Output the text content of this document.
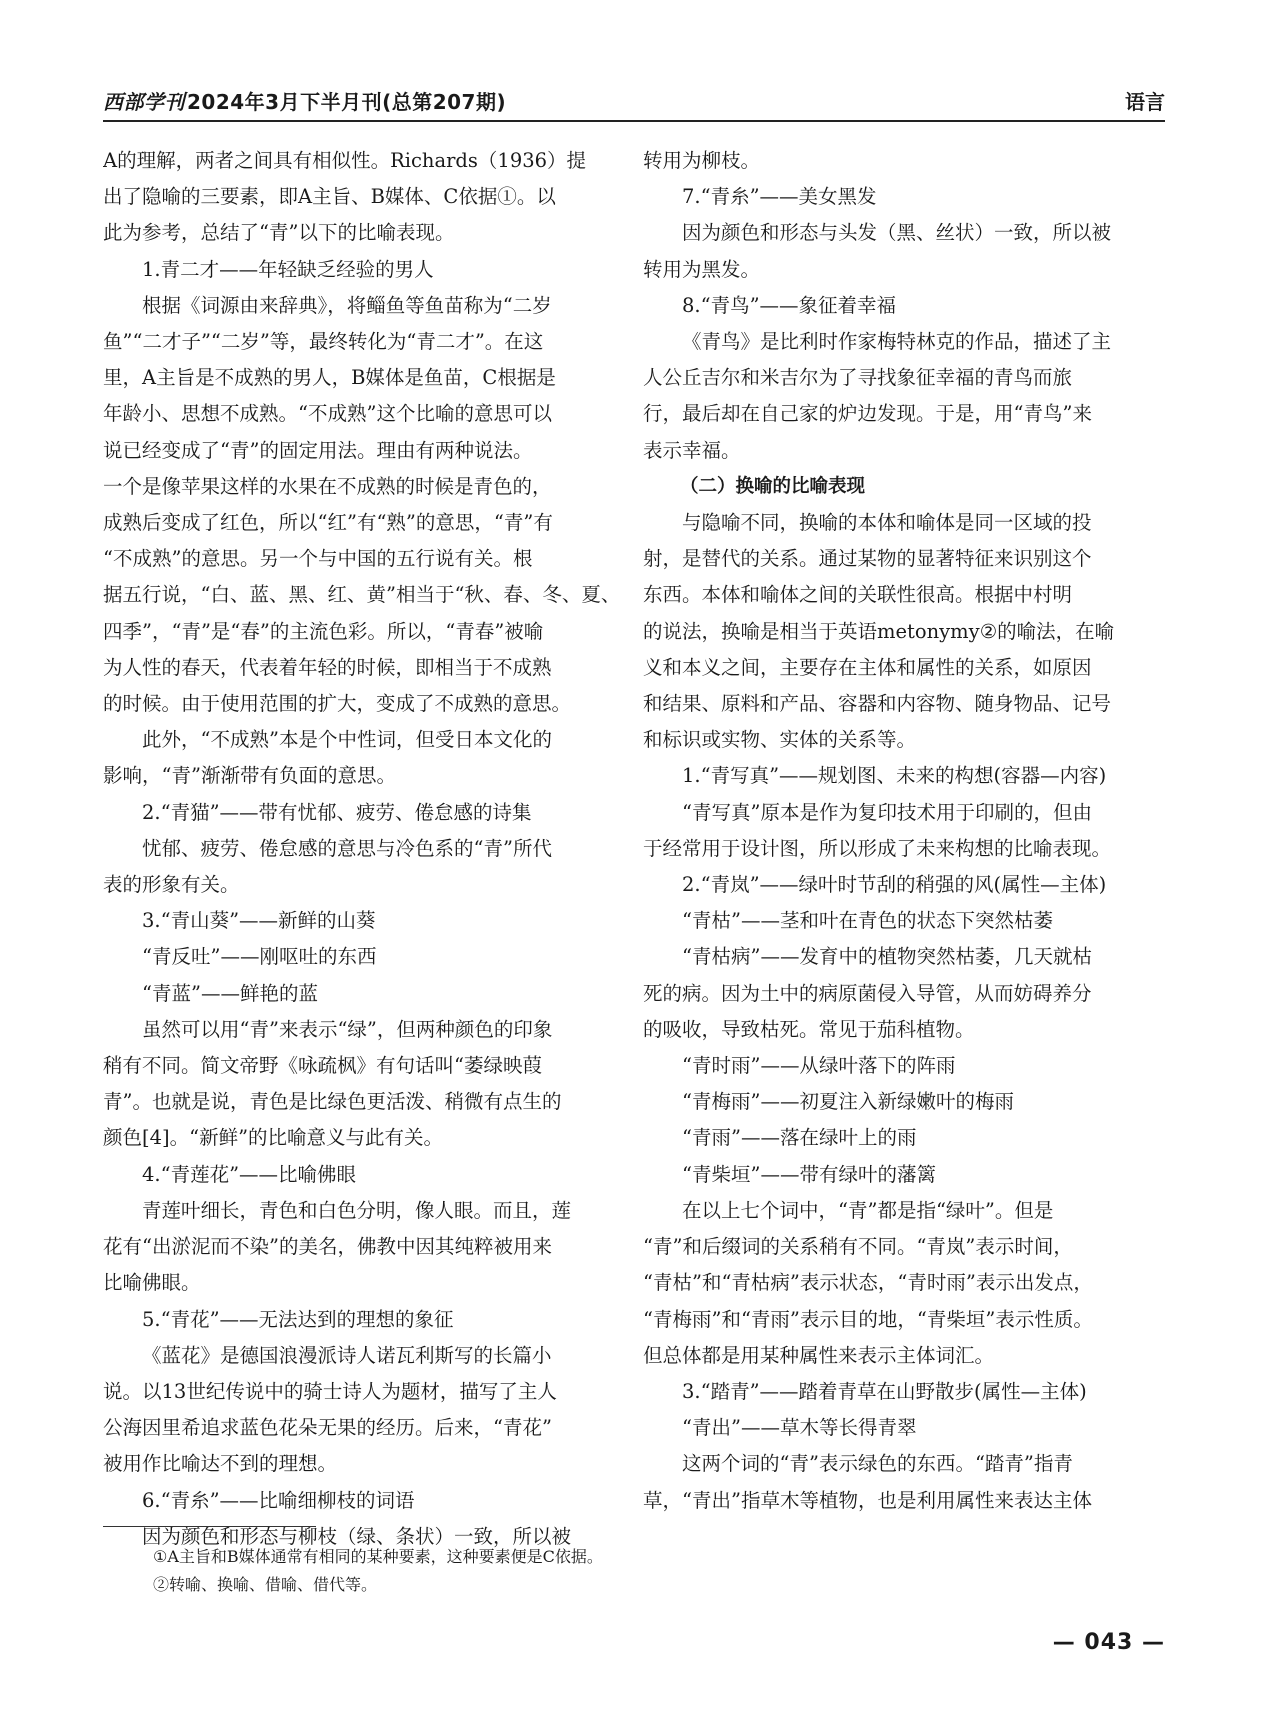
西部学刊 2024年3月下半月刊(总第207期)	语言

A的理解，两者之间具有相似性。Richards（1936）提

出了隐喻的三要素，即A主旨、B媒体、C依据①。以

此为参考，总结了“青”以下的比喻表现。

1.青二才——年轻缺乏经验的男人

根据《词源由来辞典》，将鲻鱼等鱼苗称为“二岁

鱼”“二才子”“二岁”等，最终转化为“青二才”。在这

里，A主旨是不成熟的男人，B媒体是鱼苗，C根据是

年龄小、思想不成熟。“不成熟”这个比喻的意思可以

说已经变成了“青”的固定用法。理由有两种说法。

一个是像苹果这样的水果在不成熟的时候是青色的，

成熟后变成了红色，所以“红”有“熟”的意思，“青”有

“不成熟”的意思。另一个与中国的五行说有关。根

据五行说，“白、蓝、黑、红、黄”相当于“秋、春、冬、夏、

四季”，“青”是“春”的主流色彩。所以，“青春”被喻

为人性的春天，代表着年轻的时候，即相当于不成熟

的时候。由于使用范围的扩大，变成了不成熟的意思。

此外，“不成熟”本是个中性词，但受日本文化的

影响，“青”渐渐带有负面的意思。

2.“青猫”——带有忧郁、疲劳、倦怠感的诗集

忧郁、疲劳、倦怠感的意思与冷色系的“青”所代

表的形象有关。

3.“青山葵”——新鲜的山葵

“青反吐”——刚呕吐的东西

“青蓝”——鲜艳的蓝

虽然可以用“青”来表示“绿”，但两种颜色的印象

稍有不同。简文帝野《咏疏枫》有句话叫“萎绿映葭

青”。也就是说，青色是比绿色更活泼、稍微有点生的

颜色[4]。“新鲜”的比喻意义与此有关。

4.“青莲花”——比喻佛眼

青莲叶细长，青色和白色分明，像人眼。而且，莲

花有“出淤泥而不染”的美名，佛教中因其纯粹被用来

比喻佛眼。

5.“青花”——无法达到的理想的象征

《蓝花》是德国浪漫派诗人诺瓦利斯写的长篇小

说。以13世纪传说中的骑士诗人为题材，描写了主人

公海因里希追求蓝色花朵无果的经历。后来，“青花”

被用作比喻达不到的理想。

6.“青糸”——比喻细柳枝的词语

因为颜色和形态与柳枝（绿、条状）一致，所以被

转用为柳枝。

7.“青糸”——美女黑发

因为颜色和形态与头发（黑、丝状）一致，所以被

转用为黑发。

8.“青鸟”——象征着幸福

《青鸟》是比利时作家梅特林克的作品，描述了主

人公丘吉尔和米吉尔为了寻找象征幸福的青鸟而旅

行，最后却在自己家的炉边发现。于是，用“青鸟”来

表示幸福。

（二）换喻的比喻表现

与隐喻不同，换喻的本体和喻体是同一区域的投

射，是替代的关系。通过某物的显著特征来识别这个

东西。本体和喻体之间的关联性很高。根据中村明

的说法，换喻是相当于英语metonymy②的喻法，在喻

义和本义之间，主要存在主体和属性的关系，如原因

和结果、原料和产品、容器和内容物、随身物品、记号

和标识或实物、实体的关系等。

1.“青写真”——规划图、未来的构想(容器—内容)

“青写真”原本是作为复印技术用于印刷的，但由

于经常用于设计图，所以形成了未来构想的比喻表现。

2.“青岚”——绿叶时节刮的稍强的风(属性—主体)

“青枯”——茎和叶在青色的状态下突然枯萎

“青枯病”——发育中的植物突然枯萎，几天就枯

死的病。因为土中的病原菌侵入导管，从而妨碍养分

的吸收，导致枯死。常见于茄科植物。

“青时雨”——从绿叶落下的阵雨

“青梅雨”——初夏注入新绿嫩叶的梅雨

“青雨”——落在绿叶上的雨

“青柴垣”——带有绿叶的藩篱

在以上七个词中，“青”都是指“绿叶”。但是

“青”和后缀词的关系稍有不同。“青岚”表示时间，

“青枯”和“青枯病”表示状态，“青时雨”表示出发点，

“青梅雨”和“青雨”表示目的地，“青柴垣”表示性质。

但总体都是用某种属性来表示主体词汇。

3.“踏青”——踏着青草在山野散步(属性—主体)

“青出”——草木等长得青翠

这两个词的“青”表示绿色的东西。“踏青”指青

草，“青出”指草木等植物，也是利用属性来表达主体

①A主旨和B媒体通常有相同的某种要素，这种要素便是C依据。

②转喻、换喻、借喻、借代等。

— 043 —
